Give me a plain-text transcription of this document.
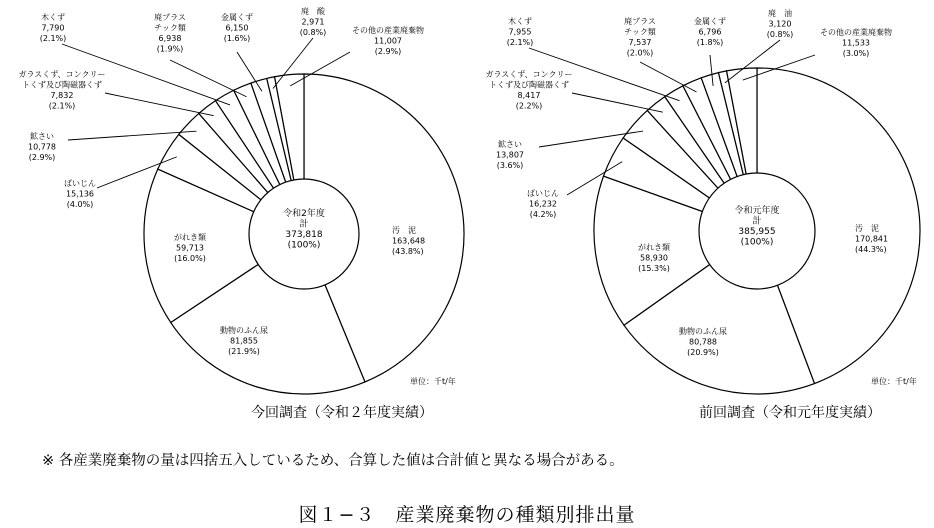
令和2年度計 373,818 (100%)
汚　泥 163,648 (43.8%)
動物のふん尿 81,855 (21.9%)
がれき類 59,713 (16.0%)
ばいじん 15,136 (4.0%)
鉱さい 10,778 (2.9%)
ガラスくず、コンクリートくず及び陶磁器くず 7,832 (2.1%)
木くず 7,790 (2.1%)
廃プラスチック類 6,938 (1.9%)
金属くず 6,150 (1.6%)
廃　酸 2,971 (0.8%)	その他の産業廃棄物 11,007 (2.9%)
単位：千t/年
令和元年度計 385,955 (100%)
汚　泥 170,841 (44.3%)
動物のふん尿 80,788 (20.9%)
がれき類 58,930 (15.3%)
ばいじん 16,232 (4.2%)
鉱さい 13,807 (3.6%)
ガラスくず、コンクリートくず及び陶磁器くず 8,417 (2.2%)
木くず 7,955 (2.1%)
廃プラスチック類 7,537 (2.0%)
金属くず 6,796 (1.8%)
廃　油 3,120 (0.8%)	その他の産業廃棄物 11,533 (3.0%)
単位：千t/年
今回調査（令和２年度実績）	前回調査（令和元年度実績）
※ 各産業廃棄物の量は四捨五入しているため、合算した値は合計値と異なる場合がある。
図１−３　産業廃棄物の種類別排出量
